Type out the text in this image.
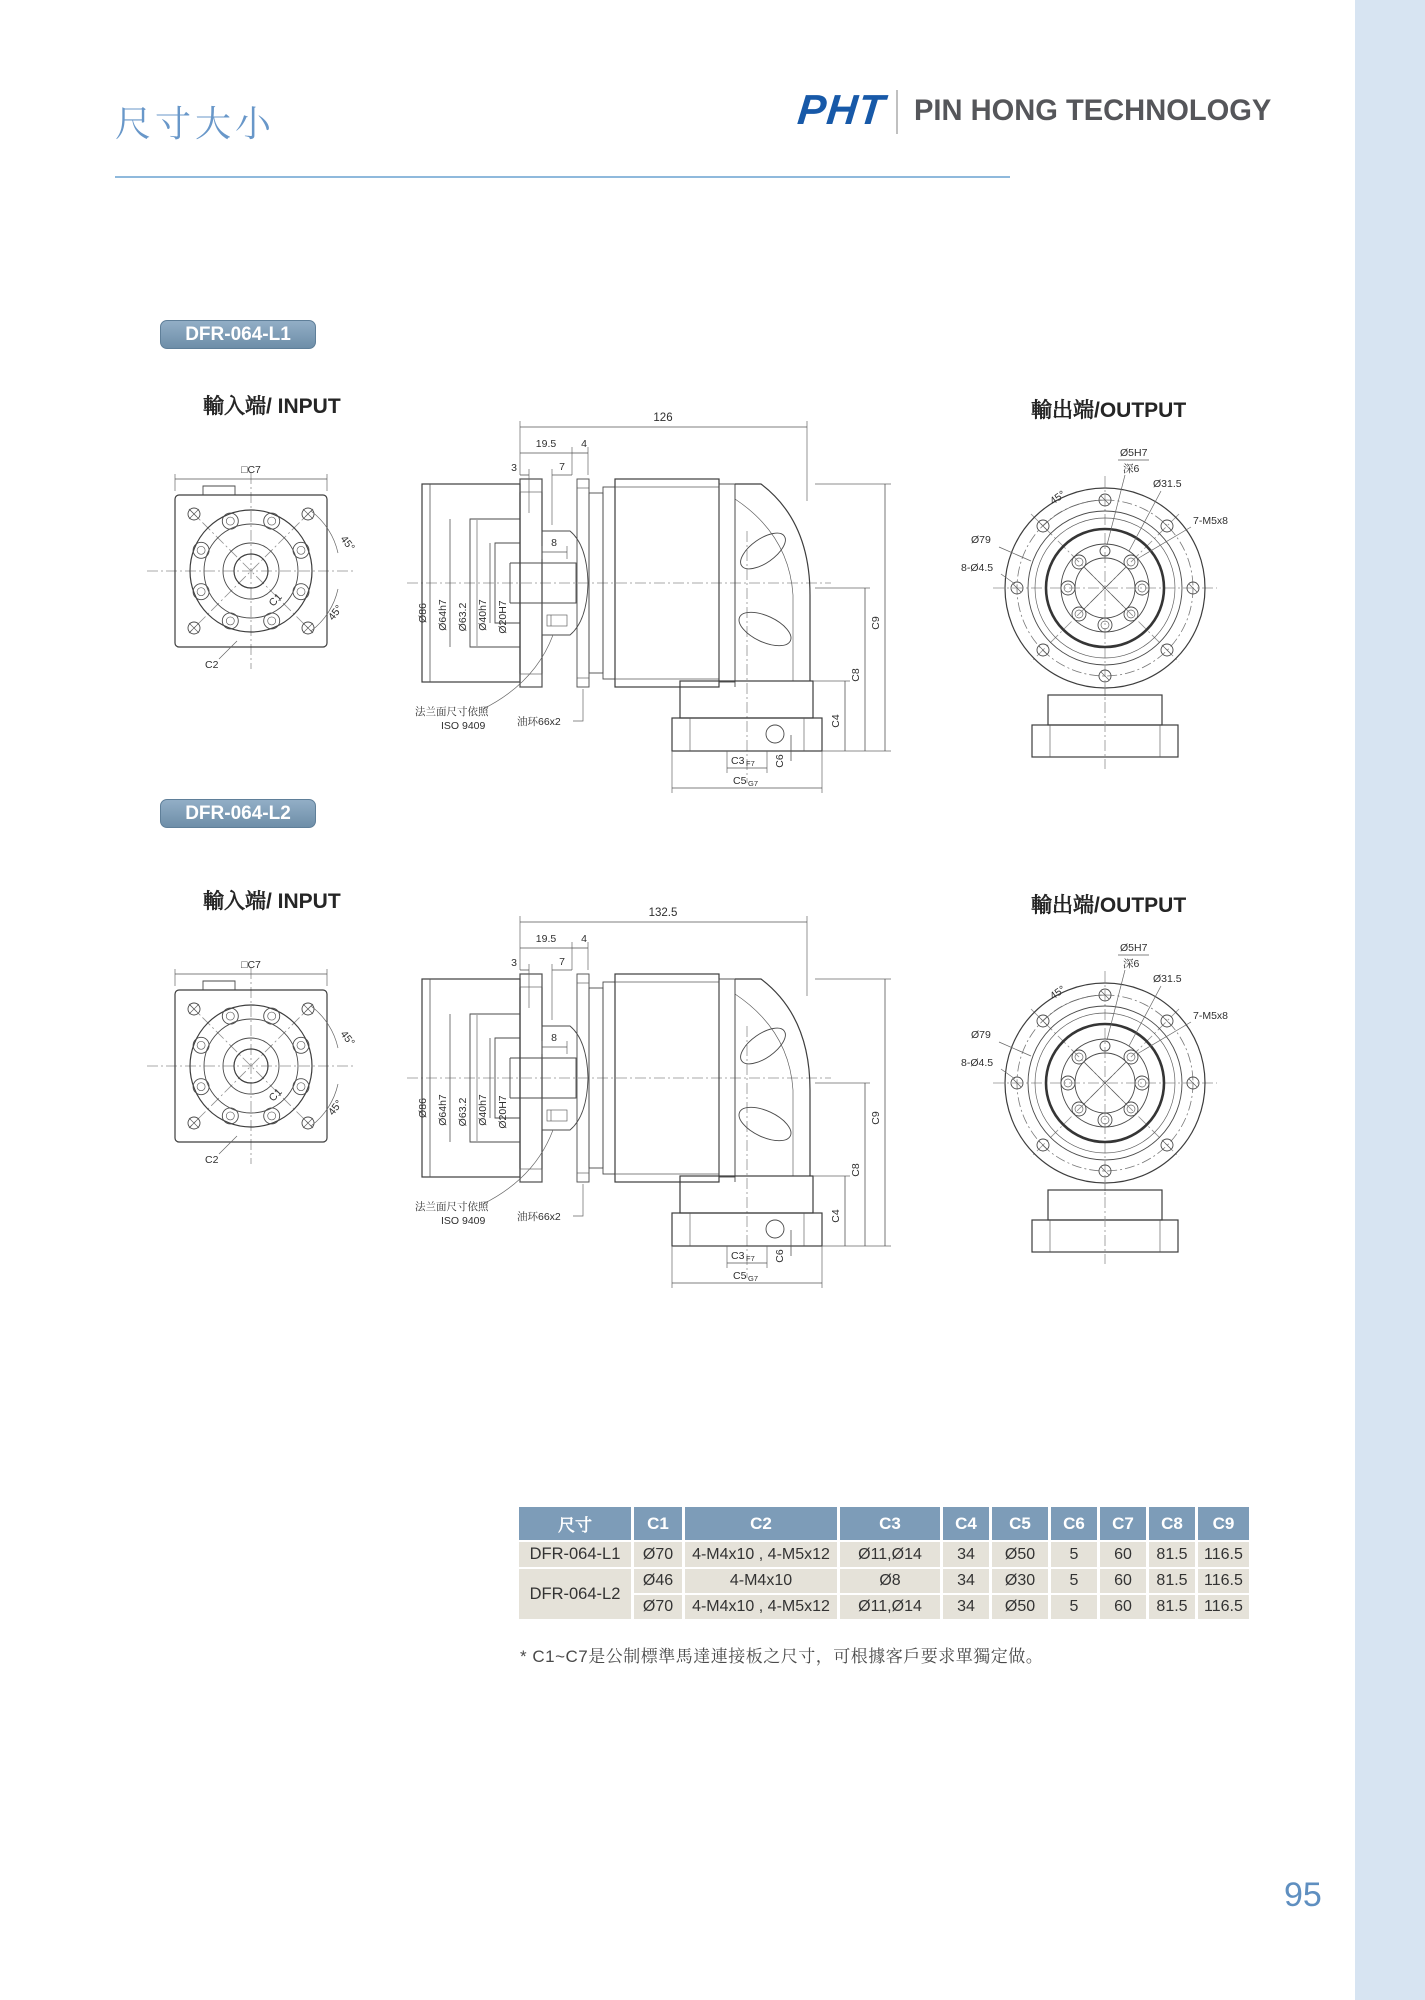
尺寸大小	PHT PIN HONG TECHNOLOGY
輸入端/ INPUT	輸出端/OUTPUT
□C7
45°
45°
C1
C2
8
Ø86 Ø64h7 Ø63.2 Ø40h7 Ø20H7
126
19.5 4
3	7
C3 F7
C5 G7
C6
C4
C8
C9
法兰面尺寸依照
ISO 9409	油环66x2
45°
Ø5H7
深6
Ø31.5
7-M5x8
Ø79
8-Ø4.5
輸入端/ INPUT	輸出端/OUTPUT
□C7
45°
45°
C1
C2
8
Ø86 Ø64h7 Ø63.2 Ø40h7 Ø20H7
132.5
19.5 4
3	7
C3 F7
C5 G7
C6
C4
C8
C9
法兰面尺寸依照
ISO 9409	油环66x2
45°
Ø5H7
深6
Ø31.5
7-M5x8
Ø79
8-Ø4.5
DFR-064-L1
DFR-064-L2
尺寸	C1	C2	C3	C4	C5	C6	C7	C8	C9
DFR-064-L1	Ø70	4-M4x10 , 4-M5x12	Ø11,Ø14	34	Ø50	5	60	81.5	116.5
DFR-064-L2	Ø46	4-M4x10	Ø8	34	Ø30	5	60	81.5	116.5
	Ø70	4-M4x10 , 4-M5x12	Ø11,Ø14	34	Ø50	5	60	81.5	116.5
* C1~C7是公制標準馬達連接板之尺寸，可根據客戶要求單獨定做。
95
